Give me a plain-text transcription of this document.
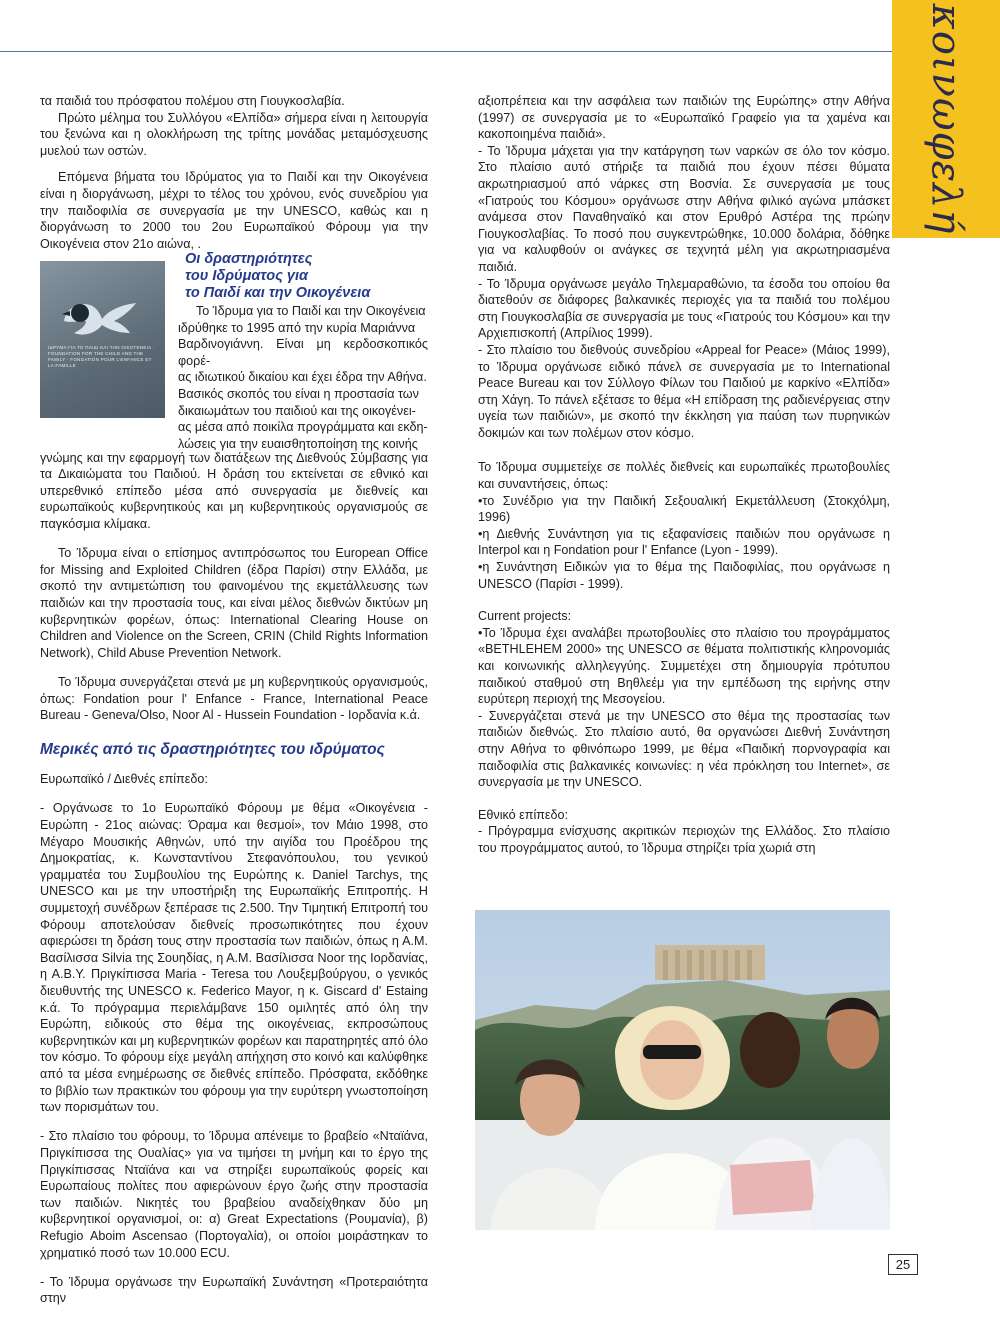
κοινωφελή

τα παιδιά του πρόσφατου πολέμου στη Γιουγκοσλαβία.

Πρώτο μέλημα του Συλλόγου «Ελπίδα» σήμερα είναι η λειτουργία του ξενώνα και η ολοκλήρωση της τρίτης μονάδας μεταμόσχευσης μυελού των οστών.

Επόμενα βήματα του Ιδρύματος για το Παιδί και την Οικογένεια είναι η διοργάνωση, μέχρι το τέλος του χρόνου, ενός συνεδρίου για την παιδοφιλία σε συνεργασία με την UNESCO, καθώς και η διοργάνωση το 2000 του 2ου Ευρωπαϊκού Φόρουμ για την Οικογένεια στον 21ο αιώνα, .

ΙΔΡΥΜΑ ΓΙΑ ΤΟ ΠΑΙΔΙ ΚΑΙ ΤΗΝ ΟΙΚΟΓΕΝΕΙΑ · FOUNDATION FOR THE CHILD AND THE FAMILY · FONDATION POUR L'ENFANCE ET LA FAMILLE
Οι δραστηριότητες
του Ιδρύματος για
το Παιδί και την Οικογένεια
Το Ίδρυμα για το Παιδί και την Οικογένεια
ιδρύθηκε το 1995 από την κυρία Μαριάννα
Βαρδινογιάννη. Είναι μη κερδοσκοπικός φορέ-
ας ιδιωτικού δικαίου και έχει έδρα την Αθήνα.
Βασικός σκοπός του είναι η προστασία των
δικαιωμάτων του παιδιού και της οικογένει-
ας μέσα από ποικίλα προγράμματα και εκδη-
λώσεις για την ευαισθητοποίηση της κοινής

γνώμης και την εφαρμογή των διατάξεων της Διεθνούς Σύμβασης για τα Δικαιώματα του Παιδιού. Η δράση του εκτείνεται σε εθνικό και υπερεθνικό επίπεδο μέσα από συνεργασία με διεθνείς και ευρωπαϊκούς κυβερνητικούς και μη κυβερνητικούς οργανισμούς σε παγκόσμια κλίμακα.

Το Ίδρυμα είναι ο επίσημος αντιπρόσωπος του European Office for Missing and Exploited Children (έδρα Παρίσι) στην Ελλάδα, με σκοπό την αντιμετώπιση του φαινομένου της εκμετάλλευσης των παιδιών και την προστασία τους, και είναι μέλος διεθνών δικτύων μη κυβερνητικών φορέων, όπως: International Clearing House on Children and Violence on the Screen, CRIN (Child Rights Information Network), Child Abuse Prevention Network.

Το Ίδρυμα συνεργάζεται στενά με μη κυβερνητικούς οργανισμούς, όπως: Fondation pour l' Enfance - France, International Peace Bureau - Geneva/Olso, Noor Al - Hussein Foundation - Ιορδανία κ.ά.

Μερικές από τις δραστηριότητες του ιδρύματος

Ευρωπαϊκό / Διεθνές επίπεδο:

- Οργάνωσε το 1ο Ευρωπαϊκό Φόρουμ με θέμα «Οικογένεια - Ευρώπη - 21ος αιώνας: Όραμα και θεσμοί», τον Μάιο 1998, στο Μέγαρο Μουσικής Αθηνών, υπό την αιγίδα του Προέδρου της Δημοκρατίας, κ. Κωνσταντίνου Στεφανόπουλου, του γενικού γραμματέα του Συμβουλίου της Ευρώπης κ. Daniel Tarchys, της UNESCO και με την υποστήριξη της Ευρωπαϊκής Επιτροπής. Η συμμετοχή συνέδρων ξεπέρασε τις 2.500. Την Τιμητική Επιτροπή του Φόρουμ αποτελούσαν διεθνείς προσωπικότητες που έχουν αφιερώσει τη δράση τους στην προστασία των παιδιών, όπως η Α.Μ. Βασίλισσα Silvia της Σουηδίας, η Α.Μ. Βασίλισσα Noor της Ιορδανίας, η Α.Β.Υ. Πριγκίπισσα Maria - Teresa του Λουξεμβούργου, ο γενικός διευθυντής της UNESCO κ. Federico Mayor, η κ. Giscard d' Estaing κ.ά. Το πρόγραμμα περιελάμβανε 150 ομιλητές από όλη την Ευρώπη, ειδικούς στο θέμα της οικογένειας, εκπροσώπους κυβερνητικών και μη κυβερνητικών φορέων και παρατηρητές από όλο τον κόσμο. Το φόρουμ είχε μεγάλη απήχηση στο κοινό και καλύφθηκε από τα μέσα ενημέρωσης σε διεθνές επίπεδο. Πρόσφατα, εκδόθηκε το βιβλίο των πρακτικών του φόρουμ για την ευρύτερη γνωστοποίηση των πορισμάτων του.

- Στο πλαίσιο του φόρουμ, το Ίδρυμα απένειμε το βραβείο «Νταϊάνα, Πριγκίπισσα της Ουαλίας» για να τιμήσει τη μνήμη και το έργο της Πριγκίπισσας Νταϊάνα και να στηρίξει ευρωπαϊκούς φορείς και Ευρωπαίους πολίτες που αφιερώνουν έργο ζωής στην προστασία των παιδιών. Νικητές του βραβείου αναδείχθηκαν δύο μη κυβερνητικοί οργανισμοί, οι: α) Great Expectations (Ρουμανία), β) Refugio Aboim Ascensao (Πορτογαλία), οι οποίοι μοιράστηκαν το χρηματικό ποσό των 10.000 ECU.

- Το Ίδρυμα οργάνωσε την Ευρωπαϊκή Συνάντηση «Προτεραιότητα στην

αξιοπρέπεια και την ασφάλεια των παιδιών της Ευρώπης» στην Αθήνα (1997) σε συνεργασία με το «Ευρωπαϊκό Γραφείο για τα χαμένα και κακοποιημένα παιδιά».

- Το Ίδρυμα μάχεται για την κατάργηση των ναρκών σε όλο τον κόσμο. Στο πλαίσιο αυτό στήριξε τα παιδιά που έχουν πέσει θύματα ακρωτηριασμού από νάρκες στη Βοσνία. Σε συνεργασία με τους «Γιατρούς του Κόσμου» οργάνωσε στην Αθήνα φιλικό αγώνα μπάσκετ ανάμεσα στον Παναθηναϊκό και στον Ερυθρό Αστέρα της πρώην Γιουγκοσλαβίας. Το ποσό που συγκεντρώθηκε, 10.000 δολάρια, δόθηκε για να καλυφθούν οι ανάγκες σε τεχνητά μέλη για ακρωτηριασμένα παιδιά.

- Το Ίδρυμα οργάνωσε μεγάλο Τηλεμαραθώνιο, τα έσοδα του οποίου θα διατεθούν σε διάφορες βαλκανικές περιοχές για τα παιδιά του πολέμου στη Γιουγκοσλαβία σε συνεργασία με τους «Γιατρούς του Κόσμου» και την Αρχιεπισκοπή (Απρίλιος 1999).

- Στο πλαίσιο του διεθνούς συνεδρίου «Appeal for Peace» (Μάιος 1999), το Ίδρυμα οργάνωσε ειδικό πάνελ σε συνεργασία με το International Peace Bureau και τον Σύλλογο Φίλων του Παιδιού με καρκίνο «Ελπίδα» στη Χάγη. Το πάνελ εξέτασε το θέμα «Η επίδραση της ραδιενέργειας στην υγεία των παιδιών», με σκοπό την έκκληση για παύση των πυρηνικών δοκιμών και των πολέμων στον κόσμο.

Το Ίδρυμα συμμετείχε σε πολλές διεθνείς και ευρωπαϊκές πρωτοβουλίες και συναντήσεις, όπως:

•το Συνέδριο για την Παιδική Σεξουαλική Εκμετάλλευση (Στοκχόλμη, 1996)

•η Διεθνής Συνάντηση για τις εξαφανίσεις παιδιών που οργάνωσε η Interpol και η Fondation pour l' Enfance (Lyon - 1999).

•η Συνάντηση Ειδικών για το θέμα της Παιδοφιλίας, που οργάνωσε η UNESCO (Παρίσι - 1999).

Current projects:

•Το Ίδρυμα έχει αναλάβει πρωτοβουλίες στο πλαίσιο του προγράμματος «BETHLEHEM 2000» της UNESCO σε θέματα πολιτιστικής κληρονομιάς και κοινωνικής αλληλεγγύης. Συμμετέχει στη δημιουργία πρότυπου παιδικού σταθμού στη Βηθλεέμ για την εμπέδωση της ειρήνης στην ευρύτερη περιοχή της Μεσογείου.

- Συνεργάζεται στενά με την UNESCO στο θέμα της προστασίας των παιδιών διεθνώς. Στο πλαίσιο αυτό, θα οργανώσει Διεθνή Συνάντηση στην Αθήνα το φθινόπωρο 1999, με θέμα «Παιδική πορνογραφία και παιδοφιλία στις βαλκανικές κοινωνίες: η νέα πρόκληση του Internet», σε συνεργασία με την UNESCO.

Εθνικό επίπεδο:

- Πρόγραμμα ενίσχυσης ακριτικών περιοχών της Ελλάδος. Στο πλαίσιο του προγράμματος αυτού, το Ίδρυμα στηρίζει τρία χωριά στη

25
